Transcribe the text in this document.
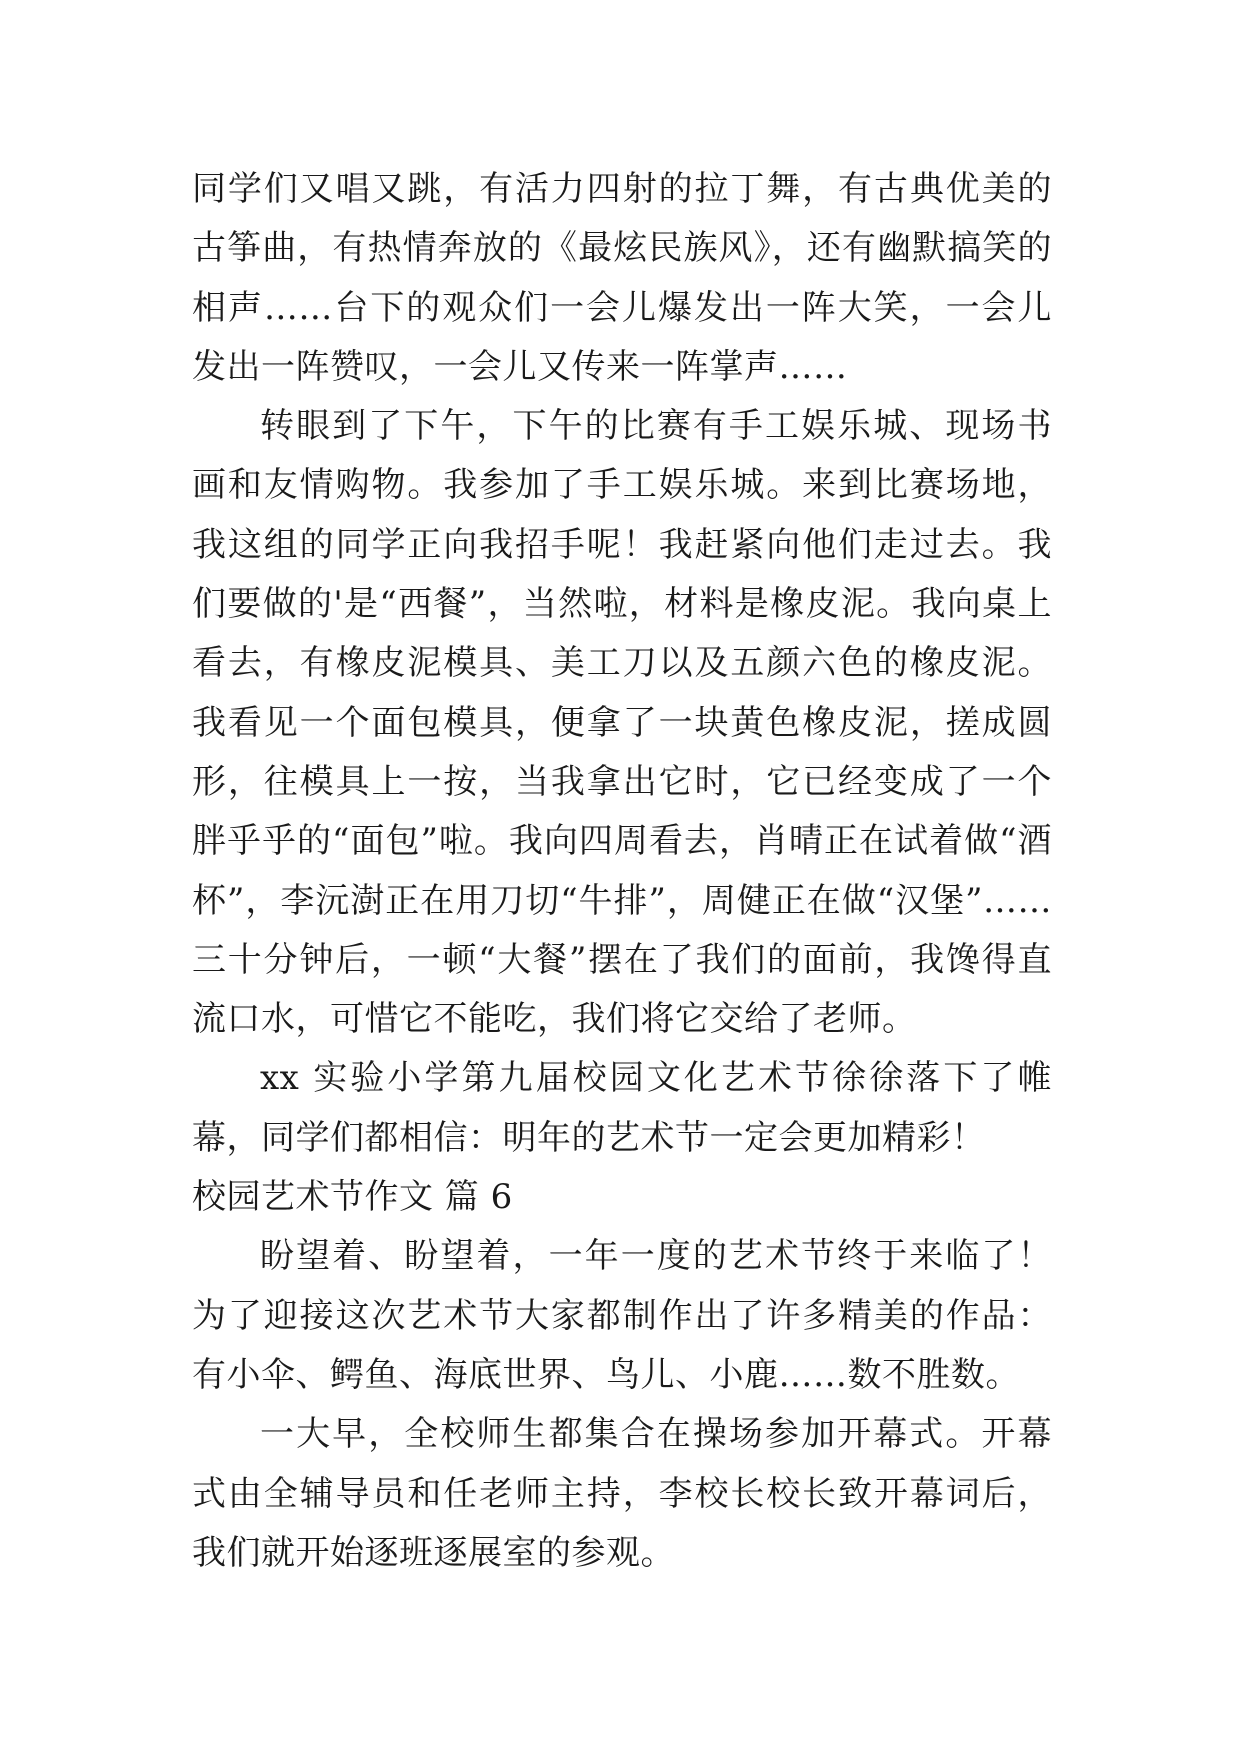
同学们又唱又跳，有活力四射的拉丁舞，有古典优美的古筝曲，有热情奔放的《最炫民族风》，还有幽默搞笑的相声……台下的观众们一会儿爆发出一阵大笑，一会儿发出一阵赞叹，一会儿又传来一阵掌声……

转眼到了下午，下午的比赛有手工娱乐城、现场书画和友情购物。我参加了手工娱乐城。来到比赛场地，我这组的同学正向我招手呢！我赶紧向他们走过去。我们要做的'是“西餐”，当然啦，材料是橡皮泥。我向桌上看去，有橡皮泥模具、美工刀以及五颜六色的橡皮泥。我看见一个面包模具，便拿了一块黄色橡皮泥，搓成圆形，往模具上一按，当我拿出它时，它已经变成了一个胖乎乎的“面包”啦。我向四周看去，肖晴正在试着做“酒杯”，李沅澍正在用刀切“牛排”，周健正在做“汉堡”……三十分钟后，一顿“大餐”摆在了我们的面前，我馋得直流口水，可惜它不能吃，我们将它交给了老师。

xx 实验小学第九届校园文化艺术节徐徐落下了帷幕，同学们都相信：明年的艺术节一定会更加精彩！

校园艺术节作文 篇 6

盼望着、盼望着，一年一度的艺术节终于来临了！为了迎接这次艺术节大家都制作出了许多精美的作品：有小伞、鳄鱼、海底世界、鸟儿、小鹿……数不胜数。

一大早，全校师生都集合在操场参加开幕式。开幕式由全辅导员和任老师主持，李校长校长致开幕词后，我们就开始逐班逐展室的参观。
